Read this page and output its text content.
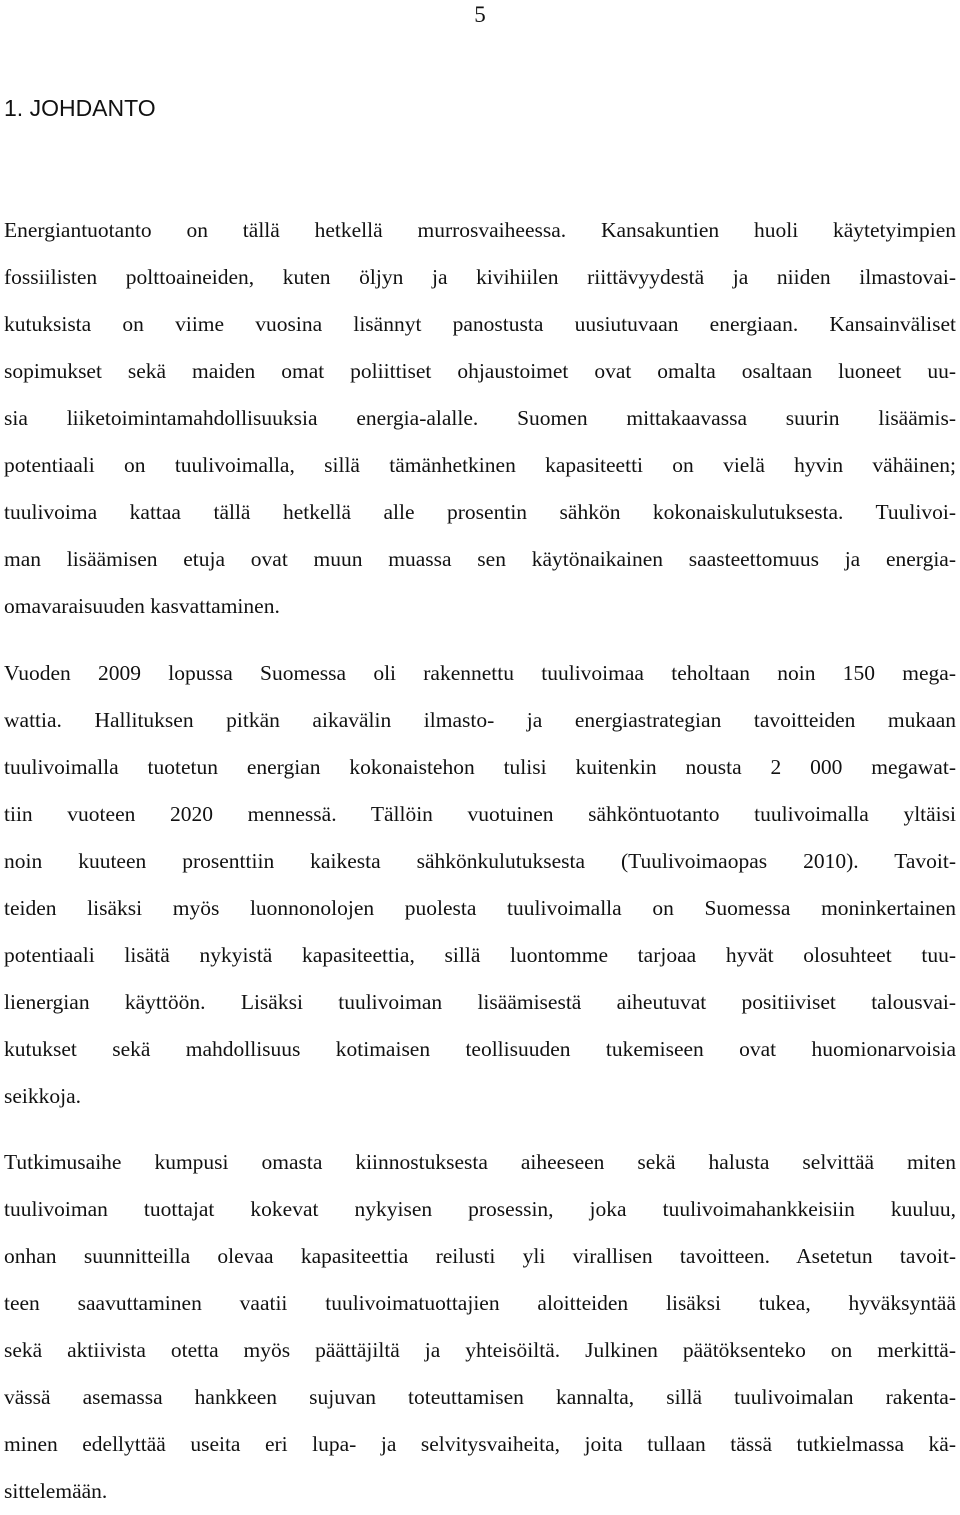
5
1. JOHDANTO

Energiantuotanto on tällä hetkellä murrosvaiheessa. Kansakuntien huoli käytetyimpien
fossiilisten polttoaineiden, kuten öljyn ja kivihiilen riittävyydestä ja niiden ilmastovai-
kutuksista on viime vuosina lisännyt panostusta uusiutuvaan energiaan. Kansainväliset
sopimukset sekä maiden omat poliittiset ohjaustoimet ovat omalta osaltaan luoneet uu-
sia liiketoimintamahdollisuuksia energia-alalle. Suomen mittakaavassa suurin lisäämis-
potentiaali on tuulivoimalla, sillä tämänhetkinen kapasiteetti on vielä hyvin vähäinen;
tuulivoima kattaa tällä hetkellä alle prosentin sähkön kokonaiskulutuksesta. Tuulivoi-
man lisäämisen etuja ovat muun muassa sen käytönaikainen saasteettomuus ja energia-
omavaraisuuden kasvattaminen.

Vuoden 2009 lopussa Suomessa oli rakennettu tuulivoimaa teholtaan noin 150 mega-
wattia. Hallituksen pitkän aikavälin ilmasto- ja energiastrategian tavoitteiden mukaan
tuulivoimalla tuotetun energian kokonaistehon tulisi kuitenkin nousta 2 000 megawat-
tiin vuoteen 2020 mennessä. Tällöin vuotuinen sähköntuotanto tuulivoimalla yltäisi
noin kuuteen prosenttiin kaikesta sähkönkulutuksesta (Tuulivoimaopas 2010). Tavoit-
teiden lisäksi myös luonnonolojen puolesta tuulivoimalla on Suomessa moninkertainen
potentiaali lisätä nykyistä kapasiteettia, sillä luontomme tarjoaa hyvät olosuhteet tuu-
lienergian käyttöön. Lisäksi tuulivoiman lisäämisestä aiheutuvat positiiviset talousvai-
kutukset sekä mahdollisuus kotimaisen teollisuuden tukemiseen ovat huomionarvoisia
seikkoja.

Tutkimusaihe kumpusi omasta kiinnostuksesta aiheeseen sekä halusta selvittää miten
tuulivoiman tuottajat kokevat nykyisen prosessin, joka tuulivoimahankkeisiin kuuluu,
onhan suunnitteilla olevaa kapasiteettia reilusti yli virallisen tavoitteen. Asetetun tavoit-
teen saavuttaminen vaatii tuulivoimatuottajien aloitteiden lisäksi tukea, hyväksyntää
sekä aktiivista otetta myös päättäjiltä ja yhteisöiltä. Julkinen päätöksenteko on merkittä-
vässä asemassa hankkeen sujuvan toteuttamisen kannalta, sillä tuulivoimalan rakenta-
minen edellyttää useita eri lupa- ja selvitysvaiheita, joita tullaan tässä tutkielmassa kä-
sittelemään.
